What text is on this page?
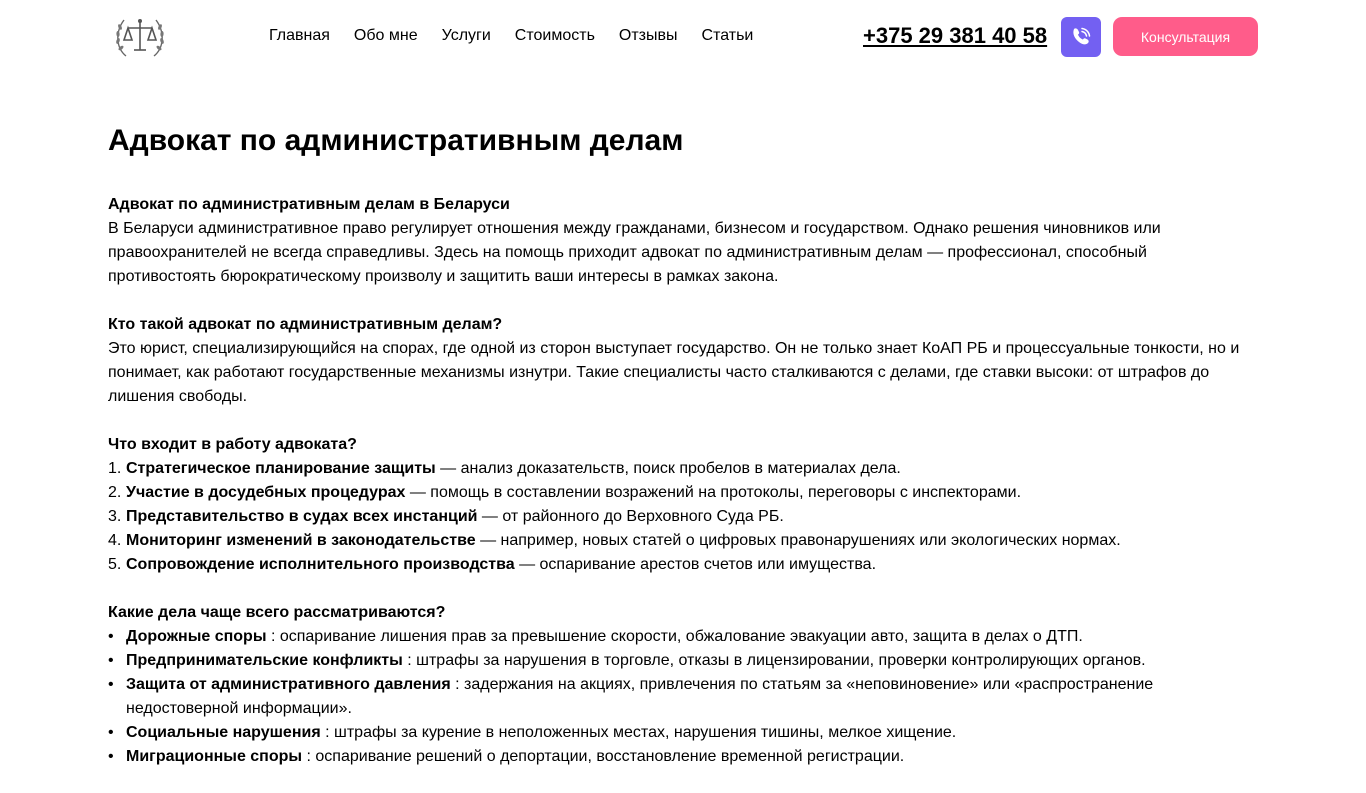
Главная Обо мне Услуги Стоимость Отзывы Статьи	+375 29 381 40 58	Консультация
Адвокат по административным делам

Адвокат по административным делам в Беларуси

В Беларуси административное право регулирует отношения между гражданами, бизнесом и государством. Однако решения чиновников или правоохранителей не всегда справедливы. Здесь на помощь приходит адвокат по административным делам — профессионал, способный противостоять бюрократическому произволу и защитить ваши интересы в рамках закона.

Кто такой адвокат по административным делам?

Это юрист, специализирующийся на спорах, где одной из сторон выступает государство. Он не только знает КоАП РБ и процессуальные тонкости, но и понимает, как работают государственные механизмы изнутри. Такие специалисты часто сталкиваются с делами, где ставки высоки: от штрафов до лишения свободы.

Что входит в работу адвоката?

1. Стратегическое планирование защиты — анализ доказательств, поиск пробелов в материалах дела.
2. Участие в досудебных процедурах — помощь в составлении возражений на протоколы, переговоры с инспекторами.
3. Представительство в судах всех инстанций — от районного до Верховного Суда РБ.
4. Мониторинг изменений в законодательстве — например, новых статей о цифровых правонарушениях или экологических нормах.
5. Сопровождение исполнительного производства — оспаривание арестов счетов или имущества.

Какие дела чаще всего рассматриваются?

• Дорожные споры : оспаривание лишения прав за превышение скорости, обжалование эвакуации авто, защита в делах о ДТП.
• Предпринимательские конфликты : штрафы за нарушения в торговле, отказы в лицензировании, проверки контролирующих органов.
• Защита от административного давления : задержания на акциях, привлечения по статьям за «неповиновение» или «распространение недостоверной информации».
• Социальные нарушения : штрафы за курение в неположенных местах, нарушения тишины, мелкое хищение.
• Миграционные споры : оспаривание решений о депортации, восстановление временной регистрации.
